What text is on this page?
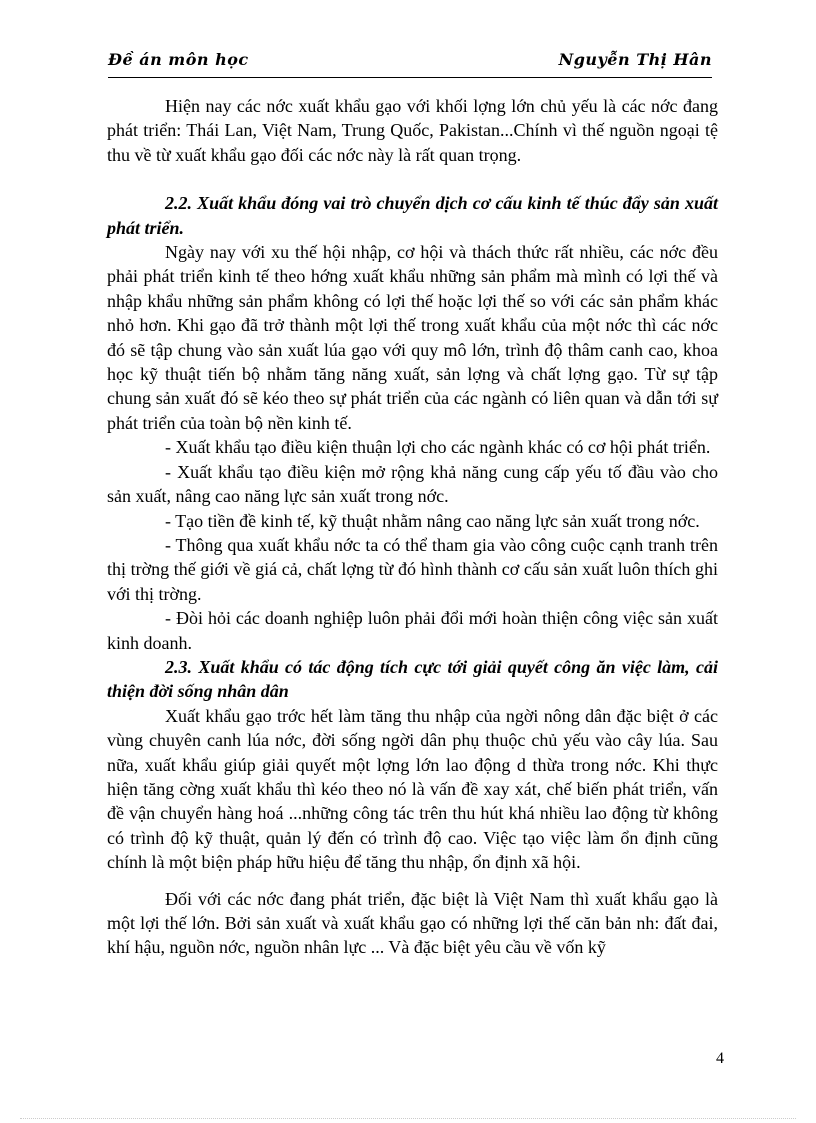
Đề án môn học	Nguyễn Thị Hân

Hiện nay các nớc xuất khẩu gạo với khối lợng lớn chủ yếu là các nớc đang phát triển: Thái Lan, Việt Nam, Trung Quốc, Pakistan...Chính vì thế nguồn ngoại tệ thu về từ xuất khẩu gạo đối các nớc này là rất quan trọng.

2.2. Xuất khẩu đóng vai trò chuyển dịch cơ cấu kinh tế thúc đẩy sản xuất phát triển.

Ngày nay với xu thế hội nhập, cơ hội và thách thức rất nhiều, các nớc đều phải phát triển kinh tế theo hớng xuất khẩu những sản phẩm mà mình có lợi thế và nhập khẩu những sản phẩm không có lợi thế hoặc lợi thế so với các sản phẩm khác nhỏ hơn. Khi gạo đã trở thành một lợi thế trong xuất khẩu của một nớc thì các nớc đó sẽ tập chung vào sản xuất lúa gạo với quy mô lớn, trình độ thâm canh cao, khoa học kỹ thuật tiến bộ nhằm tăng năng xuất, sản lợng và chất lợng gạo. Từ sự tập chung sản xuất đó sẽ kéo theo sự phát triển của các ngành có liên quan và dẫn tới sự phát triển của toàn bộ nền kinh tế.

- Xuất khẩu tạo điều kiện thuận lợi cho các ngành khác có cơ hội phát triển.

- Xuất khẩu tạo điều kiện mở rộng khả năng cung cấp yếu tố đầu vào cho sản xuất, nâng cao năng lực sản xuất trong nớc.

- Tạo tiền đề kinh tế, kỹ thuật nhằm nâng cao năng lực sản xuất trong nớc.

- Thông qua xuất khẩu nớc ta có thể tham gia vào công cuộc cạnh tranh trên thị trờng thế giới về giá cả, chất lợng từ đó hình thành cơ cấu sản xuất luôn thích ghi với thị trờng.

- Đòi hỏi các doanh nghiệp luôn phải đổi mới hoàn thiện công việc sản xuất kinh doanh.

2.3. Xuất khẩu có tác động tích cực tới giải quyết công ăn việc làm, cải thiện đời sống nhân dân

Xuất khẩu gạo trớc hết làm tăng thu nhập của ngời nông dân đặc biệt ở các vùng chuyên canh lúa nớc, đời sống ngời dân phụ thuộc chủ yếu vào cây lúa. Sau nữa, xuất khẩu giúp giải quyết một lợng lớn lao động d thừa trong nớc. Khi thực hiện tăng cờng xuất khẩu thì kéo theo nó là vấn đề xay xát, chế biến phát triển, vấn đề vận chuyển hàng hoá ...những công tác trên thu hút khá nhiều lao động từ không có trình độ kỹ thuật, quản lý đến có trình độ cao. Việc tạo việc làm ổn định cũng chính là một biện pháp hữu hiệu để tăng thu nhập, ổn định xã hội.

Đối với các nớc đang phát triển, đặc biệt là Việt Nam thì xuất khẩu gạo là một lợi thế lớn. Bởi sản xuất và xuất khẩu gạo có những lợi thế căn bản nh: đất đai, khí hậu, nguồn nớc, nguồn nhân lực ... Và đặc biệt yêu cầu về vốn kỹ

4
